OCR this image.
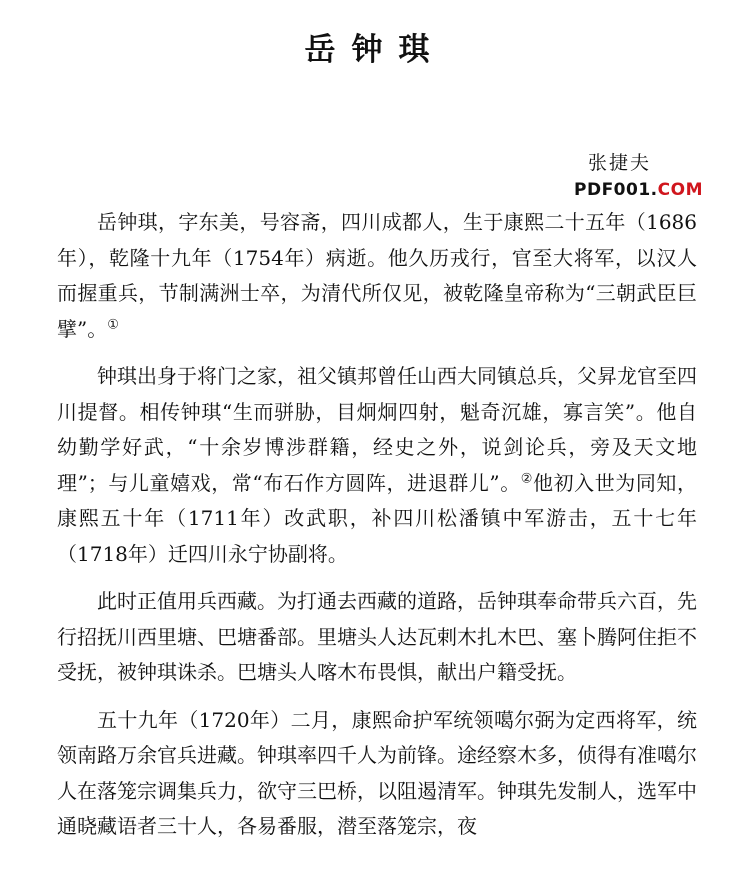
岳钟琪
张捷夫
PDF001.COM

岳钟琪，字东美，号容斋，四川成都人，生于康熙二十五年（1686年），乾隆十九年（1754年）病逝。他久历戎行，官至大将军，以汉人而握重兵，节制满洲士卒，为清代所仅见，被乾隆皇帝称为“三朝武臣巨擘”。①

钟琪出身于将门之家，祖父镇邦曾任山西大同镇总兵，父昇龙官至四川提督。相传钟琪“生而骈胁，目炯炯四射，魁奇沉雄，寡言笑”。他自幼勤学好武，“十余岁博涉群籍，经史之外，说剑论兵，旁及天文地理”；与儿童嬉戏，常“布石作方圆阵，进退群儿”。②他初入世为同知，康熙五十年（1711年）改武职，补四川松潘镇中军游击，五十七年（1718年）迁四川永宁协副将。

此时正值用兵西藏。为打通去西藏的道路，岳钟琪奉命带兵六百，先行招抚川西里塘、巴塘番部。里塘头人达瓦剌木扎木巴、塞卜腾阿住拒不受抚，被钟琪诛杀。巴塘头人喀木布畏惧，献出户籍受抚。

五十九年（1720年）二月，康熙命护军统领噶尔弼为定西将军，统领南路万余官兵进藏。钟琪率四千人为前锋。途经察木多，侦得有准噶尔人在落笼宗调集兵力，欲守三巴桥，以阻遏清军。钟琪先发制人，选军中通晓藏语者三十人，各易番服，潜至落笼宗，夜
